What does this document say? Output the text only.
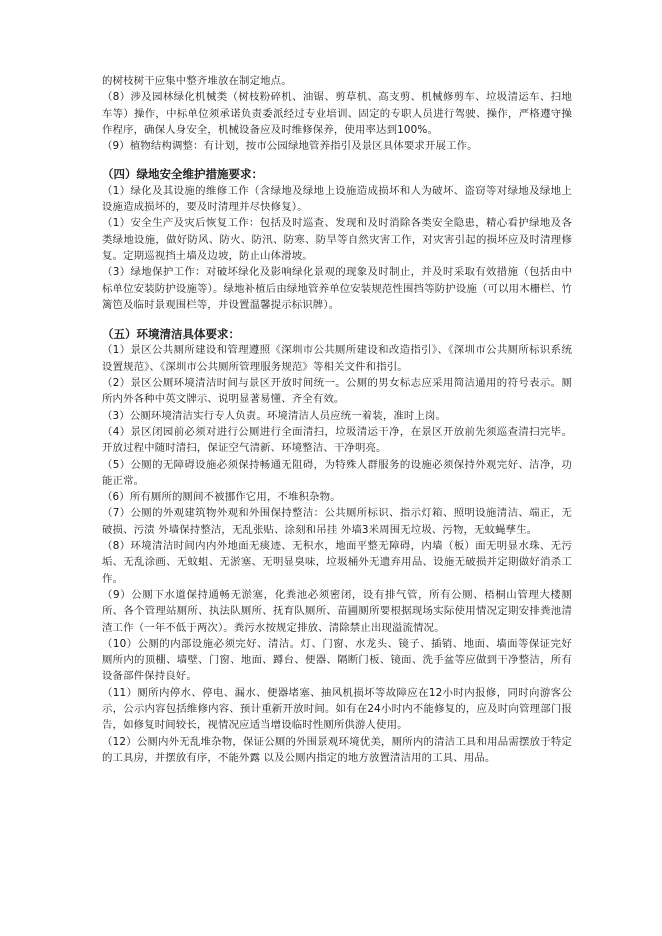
的树枝树干应集中整齐堆放在制定地点。

（8）涉及园林绿化机械类（树枝粉碎机、油锯、剪草机、高支剪、机械修剪车、垃圾清运车、扫地车等）操作，中标单位须承诺负责委派经过专业培训、固定的专职人员进行驾驶、操作，严格遵守操作程序，确保人身安全，机械设备应及时维修保养，使用率达到100%。

（9）植物结构调整：有计划，按市公园绿地管养指引及景区具体要求开展工作。

（四）绿地安全维护措施要求：

（1）绿化及其设施的维修工作（含绿地及绿地上设施造成损坏和人为破坏、盗窃等对绿地及绿地上设施造成损坏的，要及时清理并尽快修复）。

（1）安全生产及灾后恢复工作：包括及时巡查、发现和及时消除各类安全隐患，精心看护绿地及各类绿地设施，做好防风、防火、防汛、防寒、防旱等自然灾害工作，对灾害引起的损坏应及时清理修复。定期巡视挡土墙及边坡，防止山体滑坡。

（3）绿地保护工作：对破坏绿化及影响绿化景观的现象及时制止，并及时采取有效措施（包括由中标单位安装防护设施等）。绿地补植后由绿地管养单位安装规范性围挡等防护设施（可以用木栅栏、竹篱笆及临时景观围栏等，并设置温馨提示标识牌）。

（五）环境清洁具体要求：

（1）景区公共厕所建设和管理遵照《深圳市公共厕所建设和改造指引》、《深圳市公共厕所标识系统设置规范》、《深圳市公共厕所管理服务规范》等相关文件和指引。

（2）景区公厕环境清洁时间与景区开放时间统一。公厕的男女标志应采用简洁通用的符号表示。厕所内外各种中英文牌示、说明显著易懂、齐全有效。

（3）公厕环境清洁实行专人负责。环境清洁人员应统一着装，准时上岗。

（4）景区闭园前必须对进行公厕进行全面清扫，垃圾清运干净，在景区开放前先须巡查清扫完毕。开放过程中随时清扫，保证空气清新、环境整洁、干净明亮。

（5）公厕的无障碍设施必须保持畅通无阻碍，为特殊人群服务的设施必须保持外观完好、洁净，功能正常。

（6）所有厕所的厕间不被挪作它用，不堆积杂物。

（7）公厕的外观建筑物外观和外围保持整洁：公共厕所标识、指示灯箱、照明设施清洁、端正，无破损、污渍 外墙保持整洁，无乱张贴、涂刻和吊挂 外墙3米周围无垃圾、污物，无蚊蝇孳生。

（8）环境清洁时间内内外地面无痰迹、无积水，地面平整无障碍，内墙（板）面无明显水珠、无污垢、无乱涂画、无蚊蛆、无淤塞、无明显臭味，垃圾桶外无遗弃用品、设施无破损并定期做好消杀工作。

（9）公厕下水道保持通畅无淤塞，化粪池必须密闭，设有排气管，所有公厕、梧桐山管理大楼厕所、各个管理站厕所、执法队厕所、抚育队厕所、苗圃厕所要根据现场实际使用情况定期安排粪池清渣工作（一年不低于两次）。粪污水按规定排放、清除禁止出现溢流情况。

（10）公厕的内部设施必须完好、清洁。灯、门窗、水龙头、镜子、插销、地面、墙面等保证完好 厕所内的顶棚、墙壁、门窗、地面、蹲台、便器、隔断门板、镜面、洗手盆等应做到干净整洁，所有设备部件保持良好。

（11）厕所内停水、停电、漏水、便器堵塞、抽风机损坏等故障应在12小时内报修，同时向游客公示，公示内容包括维修内容、预计重新开放时间。如有在24小时内不能修复的，应及时向管理部门报告，如修复时间较长，视情况应适当增设临时性厕所供游人使用。

（12）公厕内外无乱堆杂物，保证公厕的外围景观环境优美，厕所内的清洁工具和用品需摆放于特定的工具房，并摆放有序，不能外露 以及公厕内指定的地方放置清洁用的工具、用品。
